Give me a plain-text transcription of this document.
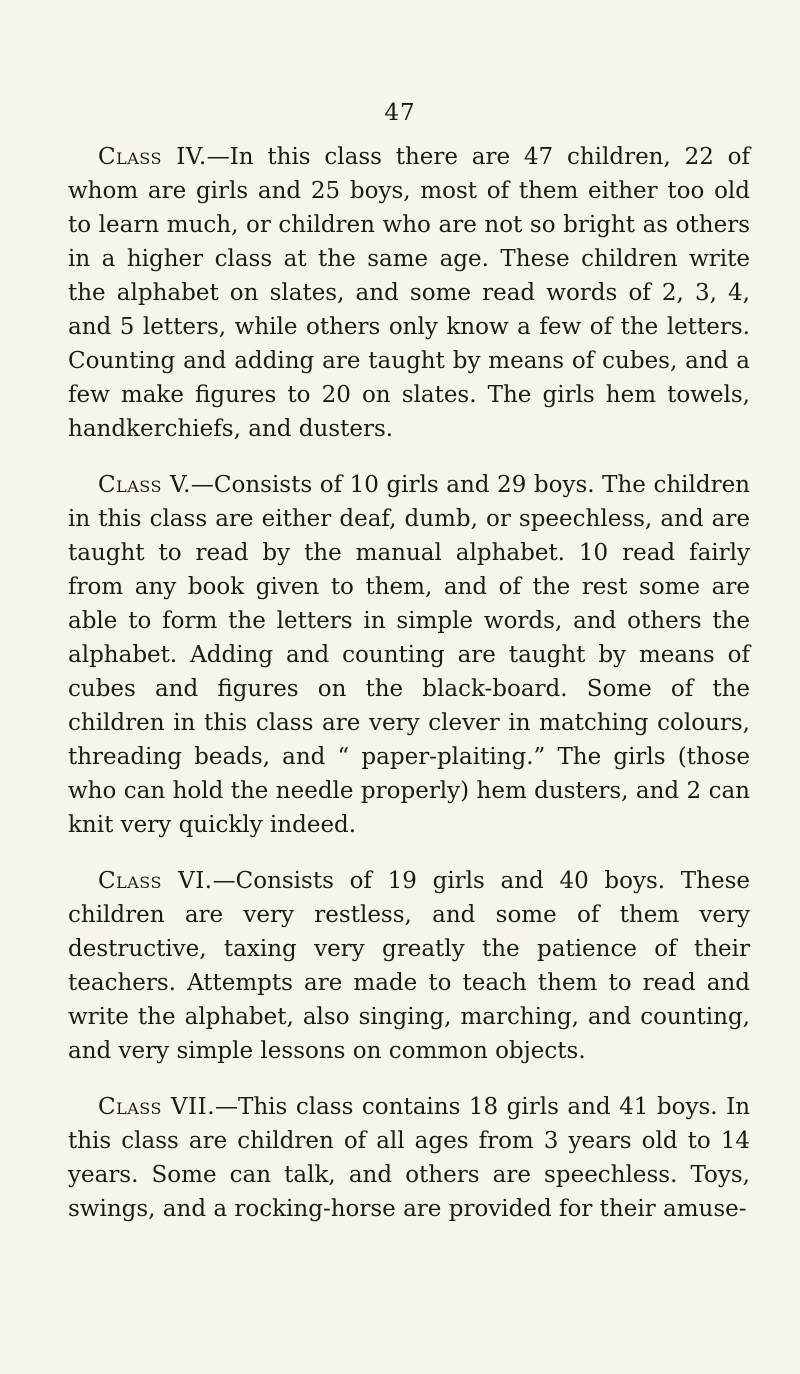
47

Class IV.—In this class there are 47 children, 22 of whom are girls and 25 boys, most of them either too old to learn much, or children who are not so bright as others in a higher class at the same age. These children write the alphabet on slates, and some read words of 2, 3, 4, and 5 letters, while others only know a few of the letters. Counting and adding are taught by means of cubes, and a few make figures to 20 on slates. The girls hem towels, handkerchiefs, and dusters.

Class V.—Consists of 10 girls and 29 boys. The children in this class are either deaf, dumb, or speechless, and are taught to read by the manual alphabet. 10 read fairly from any book given to them, and of the rest some are able to form the letters in simple words, and others the alphabet. Adding and counting are taught by means of cubes and figures on the black-board. Some of the children in this class are very clever in matching colours, threading beads, and “ paper-plaiting.” The girls (those who can hold the needle properly) hem dusters, and 2 can knit very quickly indeed.

Class VI.—Consists of 19 girls and 40 boys. These children are very restless, and some of them very destructive, taxing very greatly the patience of their teachers. Attempts are made to teach them to read and write the alphabet, also singing, marching, and counting, and very simple lessons on common objects.

Class VII.—This class contains 18 girls and 41 boys. In this class are children of all ages from 3 years old to 14 years. Some can talk, and others are speechless. Toys, swings, and a rocking-horse are provided for their amuse-
